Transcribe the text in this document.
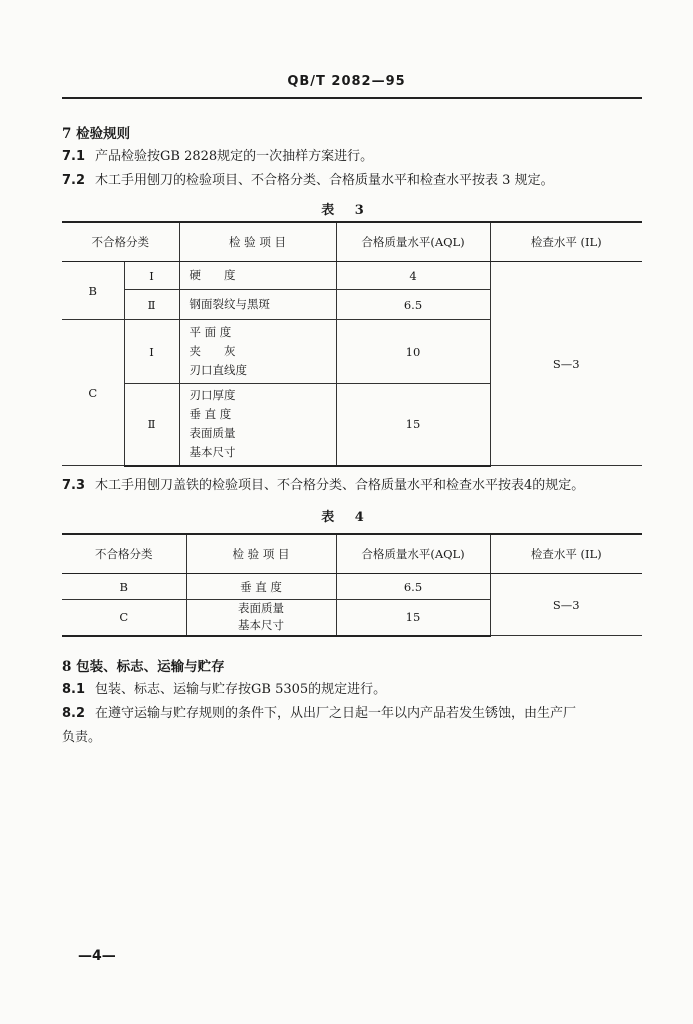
QB/T 2082—95
7 检验规则
7.1 产品检验按GB 2828规定的一次抽样方案进行。
7.2 木工手用刨刀的检验项目、不合格分类、合格质量水平和检查水平按表 3 规定。
表 3
不合格分类		检 验 项 目	合格质量水平(AQL)	检查水平 (IL)
B	Ⅰ	硬　　度	4	S—3
	Ⅱ	钢面裂纹与黑斑	6.5	
C	Ⅰ	平 面 度
夹　　灰
刃口直线度	10	
	Ⅱ	刃口厚度
垂 直 度
表面质量
基本尺寸	15	
7.3 木工手用刨刀盖铁的检验项目、不合格分类、合格质量水平和检查水平按表4的规定。
表 4
不合格分类	检 验 项 目	合格质量水平(AQL)	检查水平 (IL)
B	垂 直 度	6.5	S—3
C	表面质量
基本尺寸	15	
8 包装、标志、运输与贮存
8.1 包装、标志、运输与贮存按GB 5305的规定进行。
8.2 在遵守运输与贮存规则的条件下，从出厂之日起一年以内产品若发生锈蚀，由生产厂
负责。
—4—
